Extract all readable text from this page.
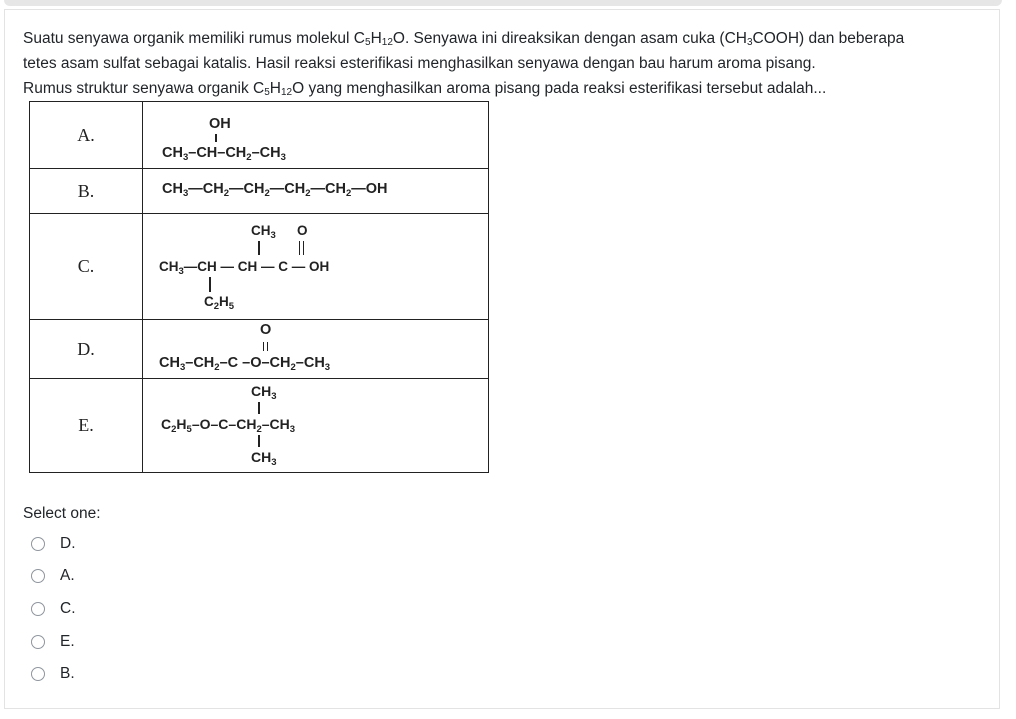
Suatu senyawa organik memiliki rumus molekul $C_5H_{12}O$. Senyawa ini direaksikan dengan asam cuka $(CH_3COOH)$ dan beberapa

tetes asam sulfat sebagai katalis. Hasil reaksi esterifikasi menghasilkan senyawa dengan bau harum aroma pisang.

Rumus struktur senyawa organik $C_5H_{12}O$ yang menghasilkan aroma pisang pada reaksi esterifikasi tersebut adalah...

A.	OH
$CH_3-CH-CH_2-CH_3$

B.	$CH_3—CH_2—CH_2—CH_2—CH_2—OH$

C.	$CH_3$ O
$CH_3—CH$ — CH — C — OH
$C_2H_5$

D.	O
$CH_3-CH_2-C$ $-O-CH_2-CH_3$

E.	$CH_3$
$C_2H_5-O-C-CH_2-CH_3$
$CH_3$
Select one:
D.
A.
C.
E.
B.
